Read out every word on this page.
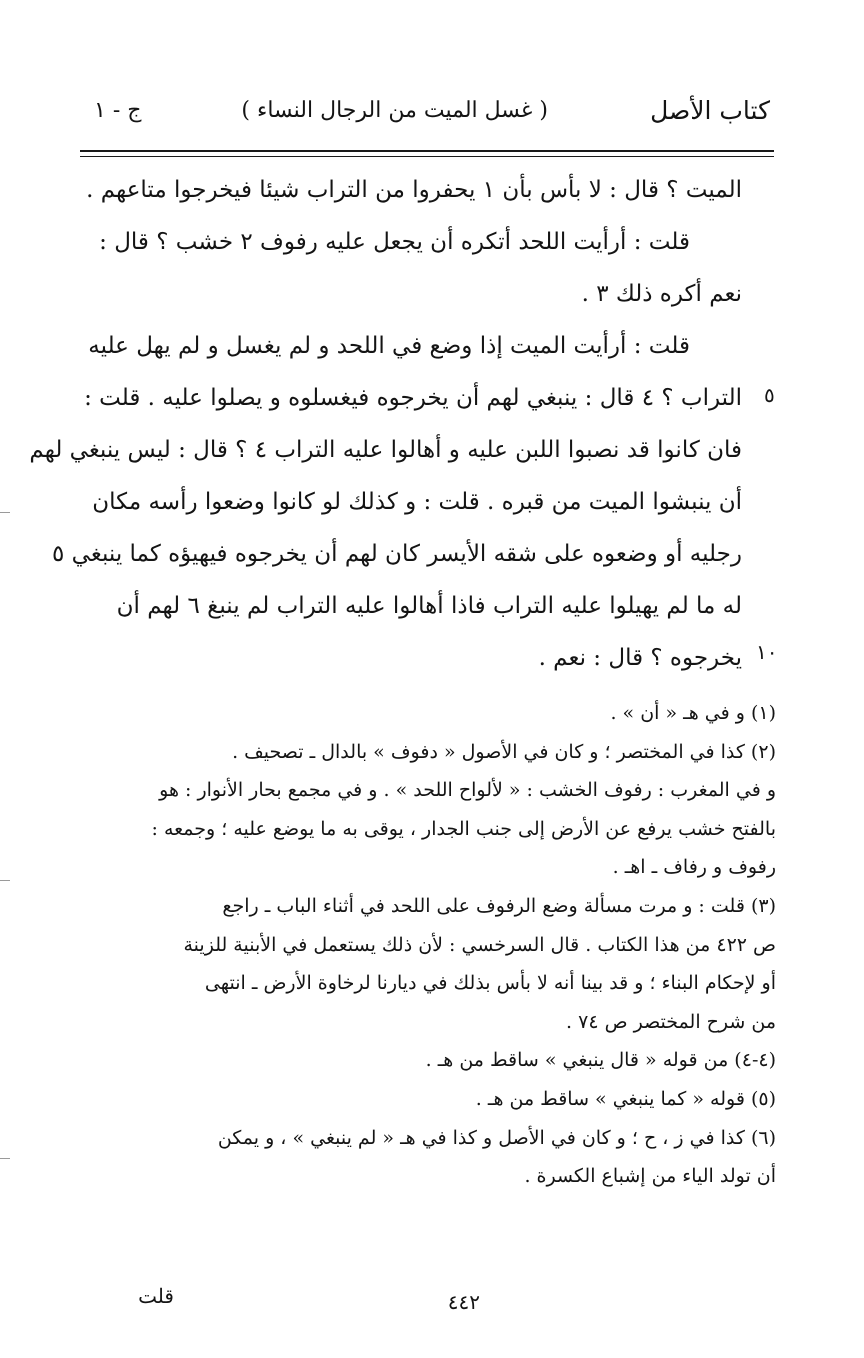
كتاب الأصل
( غسل الميت من الرجال النساء )
ج - ١
الميت ؟ قال : لا بأس بأن ١ يحفروا من التراب شيئا فيخرجوا متاعهم .
قلت : أرأيت اللحد أتكره أن يجعل عليه رفوف ٢ خشب ؟ قال :
نعم أكره ذلك ٣ .
قلت : أرأيت الميت إذا وضع في اللحد و لم يغسل و لم يهل عليه
التراب ؟ ٤ قال : ينبغي لهم أن يخرجوه فيغسلوه و يصلوا عليه . قلت :
فان كانوا قد نصبوا اللبن عليه و أهالوا عليه التراب ٤ ؟ قال : ليس ينبغي لهم
أن ينبشوا الميت من قبره . قلت : و كذلك لو كانوا وضعوا رأسه مكان
رجليه أو وضعوه على شقه الأيسر كان لهم أن يخرجوه فيهيؤه كما ينبغي ٥
له ما لم يهيلوا عليه التراب فاذا أهالوا عليه التراب لم ينبغ ٦ لهم أن
يخرجوه ؟ قال : نعم .
٥
١٠
(١) و في هـ « أن » .
(٢) كذا في المختصر ؛ و كان في الأصول « دفوف » بالدال ـ تصحيف .
و في المغرب : رفوف الخشب : « لألواح اللحد » . و في مجمع بحار الأنوار : هو
بالفتح خشب يرفع عن الأرض إلى جنب الجدار ، يوقى به ما يوضع عليه ؛ وجمعه :
رفوف و رفاف ـ اهـ .
(٣) قلت : و مرت مسألة وضع الرفوف على اللحد في أثناء الباب ـ راجع
ص ٤٢٢ من هذا الكتاب . قال السرخسي : لأن ذلك يستعمل في الأبنية للزينة
أو لإحكام البناء ؛ و قد بينا أنه لا بأس بذلك في ديارنا لرخاوة الأرض ـ انتهى
من شرح المختصر ص ٧٤ .
(٤-٤) من قوله « قال ينبغي » ساقط من هـ .
(٥) قوله « كما ينبغي » ساقط من هـ .
(٦) كذا في ز ، ح ؛ و كان في الأصل و كذا في هـ « لم ينبغي » ، و يمكن
أن تولد الياء من إشباع الكسرة .
٤٤٢
قلت
